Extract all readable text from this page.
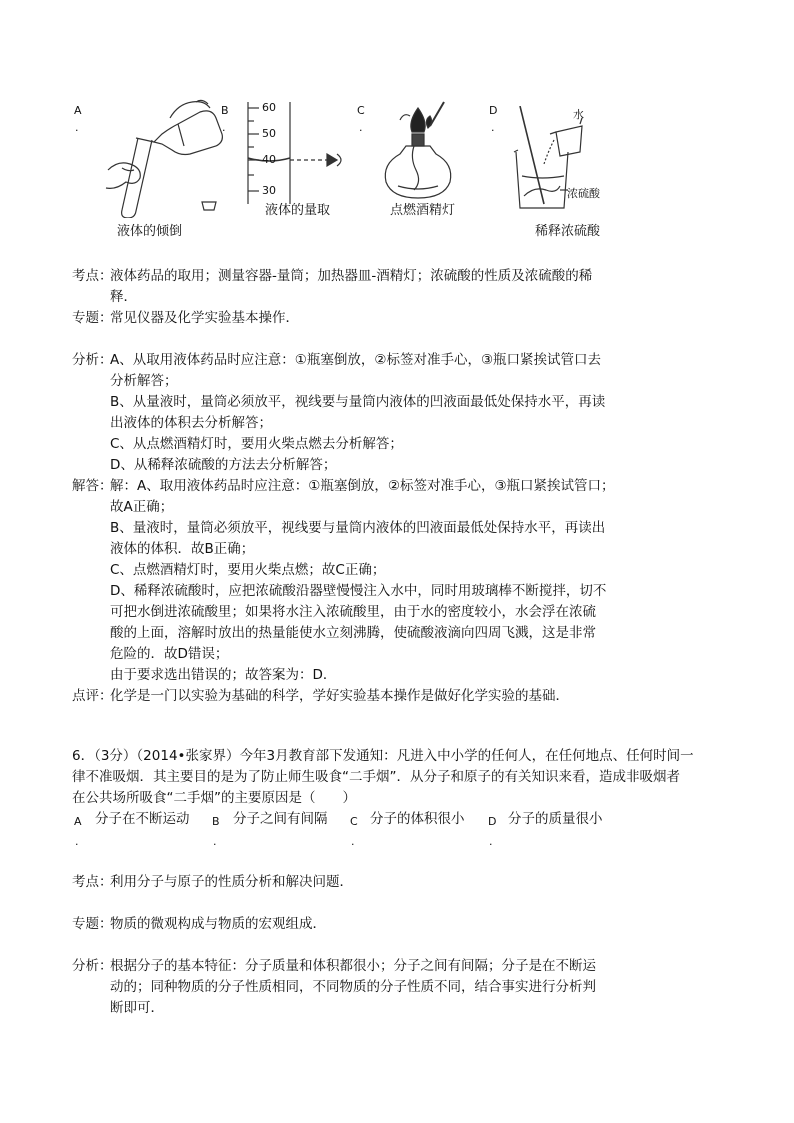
A
.
液体的倾倒
B
.
60
50
40
30
液体的量取
C
.
点燃酒精灯
D
.
水
浓硫酸
稀释浓硫酸
考点：
液体药品的取用；测量容器-量筒；加热器皿-酒精灯；浓硫酸的性质及浓硫酸的稀
释．
专题：
常见仪器及化学实验基本操作．
分析：
A、从取用液体药品时应注意：①瓶塞倒放，②标签对准手心，③瓶口紧挨试管口去
分析解答；
B、从量液时，量筒必须放平，视线要与量筒内液体的凹液面最低处保持水平，再读
出液体的体积去分析解答；
C、从点燃酒精灯时，要用火柴点燃去分析解答；
D、从稀释浓硫酸的方法去分析解答；
解答：
解：A、取用液体药品时应注意：①瓶塞倒放，②标签对准手心，③瓶口紧挨试管口；
故A正确；
B、量液时，量筒必须放平，视线要与量筒内液体的凹液面最低处保持水平，再读出
液体的体积．故B正确；
C、点燃酒精灯时，要用火柴点燃；故C正确；
D、稀释浓硫酸时，应把浓硫酸沿器壁慢慢注入水中，同时用玻璃棒不断搅拌，切不
可把水倒进浓硫酸里；如果将水注入浓硫酸里，由于水的密度较小，水会浮在浓硫
酸的上面，溶解时放出的热量能使水立刻沸腾，使硫酸液滴向四周飞溅，这是非常
危险的．故D错误；
由于要求选出错误的；故答案为：D．
点评：
化学是一门以实验为基础的科学，学好实验基本操作是做好化学实验的基础．
6．（3分）（2014•张家界）今年3月教育部下发通知：凡进入中小学的任何人，在任何地点、任何时间一
律不准吸烟．其主要目的是为了防止师生吸食“二手烟”．从分子和原子的有关知识来看，造成非吸烟者
在公共场所吸食“二手烟”的主要原因是（　　）
A
.
分子在不断运动 B
.
分子之间有间隔 C
.
分子的体积很小 D
.
分子的质量很小
考点：
利用分子与原子的性质分析和解决问题．
专题：
物质的微观构成与物质的宏观组成．
分析：
根据分子的基本特征：分子质量和体积都很小；分子之间有间隔；分子是在不断运
动的；同种物质的分子性质相同，不同物质的分子性质不同，结合事实进行分析判
断即可．
